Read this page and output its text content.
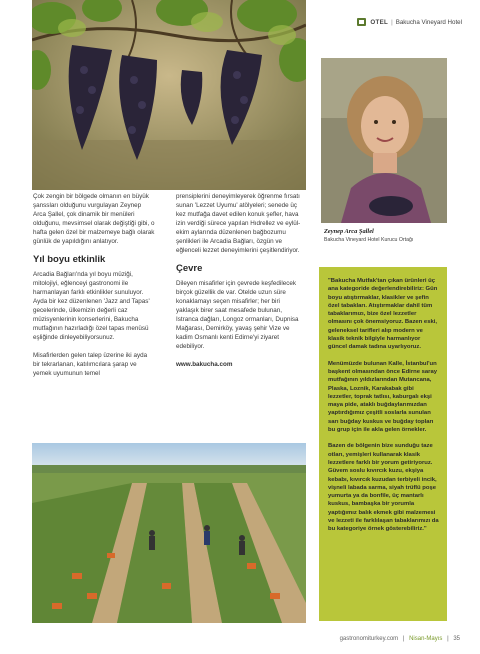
OTEL | Bakucha Vineyard Hotel
Zeynep Arca Şallel
Bakucha Vineyard Hotel Kurucu Ortağı

Çok zengin bir bölgede olmanın en büyük şanssları olduğunu vurgulayan Zeynep Arca Şallel, çok dinamik bir menüleri olduğunu, mevsimsel olarak değiştiği gibi, o hafta gelen özel bir malzemeye bağlı olarak günlük de yapıldığını anlatıyor.

Yıl boyu etkinlik

Arcadia Bağları'nda yıl boyu müziği, mitolojiyi, eğlenceyi gastronomi ile harmanlayan farklı etkinlikler sunuluyor. Ayda bir kez düzenlenen 'Jazz and Tapas' gecelerinde, ülkemizin değerli caz müzisyenlerinin konserlerini, Bakucha mutfağının hazırladığı özel tapas menüsü eşliğinde dinleyebiliyorsunuz.

Misafirlerden gelen talep üzerine iki ayda bir tekrarlanan, katılımcılara şarap ve yemek uyumunun temel

prensiplerini deneyimleyerek öğrenme fırsatı sunan 'Lezzet Uyumu' atölyeleri; senede üç kez mutfağa davet edilen konuk şefler, hava izin verdiği sürece yapılan Hıdrellez ve eylül- ekim aylarında düzenlenen bağbozumu şenlikleri ile Arcadia Bağları, özgün ve eğlenceli lezzet deneyimlerini çeşitlendiriyor.

Çevre

Dileyen misafirler için çevrede keşfedilecek birçok güzellik de var. Otelde uzun süre konaklamayı seçen misafirler; her biri yaklaşık birer saat mesafede bulunan, Istranca dağları, Longoz ormanları, Dupnisa Mağarası, Demirköy, yavaş şehir Vize ve kadim Osmanlı kenti Edirne'yi ziyaret edebiliyor.

www.bakucha.com

"Bakucha Mutfak'tan çıkan ürünleri üç ana kategoride değerlendirebiliriz: Gün boyu atıştırmaklar, klasikler ve şefin özel tabakları. Atıştırmaklar dahil tüm tabaklarımızı, bize özel lezzetler olmasını çok önemsiyoruz. Bazen eski, geleneksel tarifleri alıp modern ve klasik teknik bilgiyle harmanlıyor güncel damak tadına uyarlıyoruz.

Menümüzde bulunan Kalle, İstanbul'un başkent olmasından önce Edirne saray mutfağının yıldızlarından Mutancana, Plaska, Loznik, Karakabak gibi lezzetler, toprak tatlısı, kaburgalı ekşi maya pide, ataklı buğdaylarımızdan yaptırdığımız çeşitli soslarla sunulan sarı buğday kuskus ve buğday topları bu grup için ile akla gelen örnekler.

Bazen de bölgenin bize sunduğu taze otları, yemişleri kullanarak klasik lezzetlere farklı bir yorum getiriyoruz. Güvem soslu kıvırcık kuzu, ekşiya kebabı, kıvırcık kuzudan terbiyeli incik, vişneli labada sarma, siyah trüflü poşe yumurta ya da bonfile, üç mantarlı kuskus, bambaşka bir yorumla yaptığımız balık ekmek gibi malzemesi ve lezzeti ile farklılaşan tabaklarımızı da bu kategoriye örnek gösterebiliriz."

gastronomiturkey.com | Nisan-Mayıs | 35
